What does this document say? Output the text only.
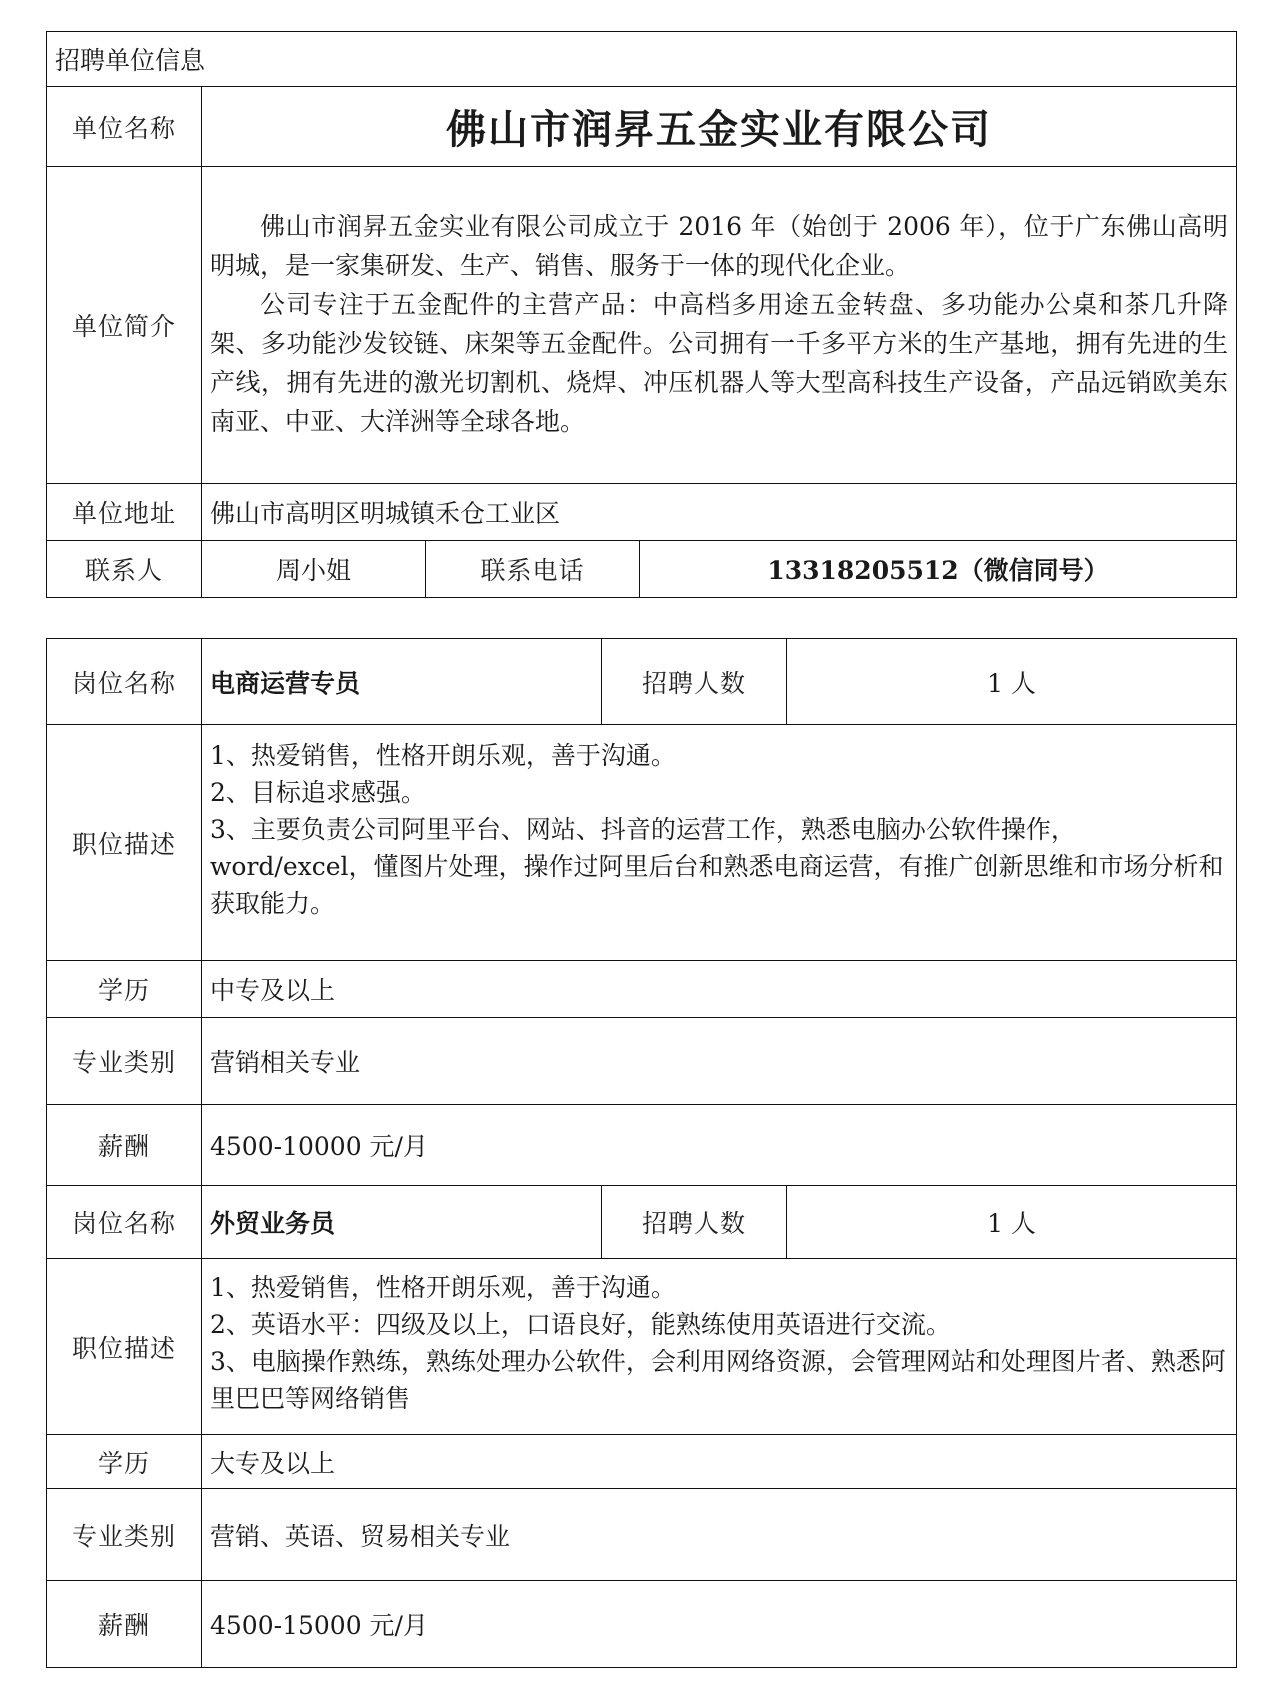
招聘单位信息			
单位名称	佛山市润昇五金实业有限公司		
单位简介	佛山市润昇五金实业有限公司成立于 2016 年（始创于 2006 年），位于广东佛山高明明城，是一家集研发、生产、销售、服务于一体的现代化企业。

公司专注于五金配件的主营产品：中高档多用途五金转盘、多功能办公桌和茶几升降架、多功能沙发铰链、床架等五金配件。公司拥有一千多平方米的生产基地，拥有先进的生产线，拥有先进的激光切割机、烧焊、冲压机器人等大型高科技生产设备，产品远销欧美东南亚、中亚、大洋洲等全球各地。		

单位地址	佛山市高明区明城镇禾仓工业区		
联系人	周小姐	联系电话	13318205512（微信同号）
岗位名称	电商运营专员	招聘人数	1 人
职位描述	1、热爱销售，性格开朗乐观，善于沟通。

2、目标追求感强。

3、主要负责公司阿里平台、网站、抖音的运营工作，熟悉电脑办公软件操作，word/excel，懂图片处理，操作过阿里后台和熟悉电商运营，有推广创新思维和市场分析和获取能力。		

学历	中专及以上		
专业类别	营销相关专业		
薪酬	4500-10000 元/月		
岗位名称	外贸业务员	招聘人数	1 人
职位描述	1、热爱销售，性格开朗乐观，善于沟通。

2、英语水平：四级及以上，口语良好，能熟练使用英语进行交流。

3、电脑操作熟练，熟练处理办公软件，会利用网络资源，会管理网站和处理图片者、熟悉阿里巴巴等网络销售		

学历	大专及以上		
专业类别	营销、英语、贸易相关专业		
薪酬	4500-15000 元/月		
